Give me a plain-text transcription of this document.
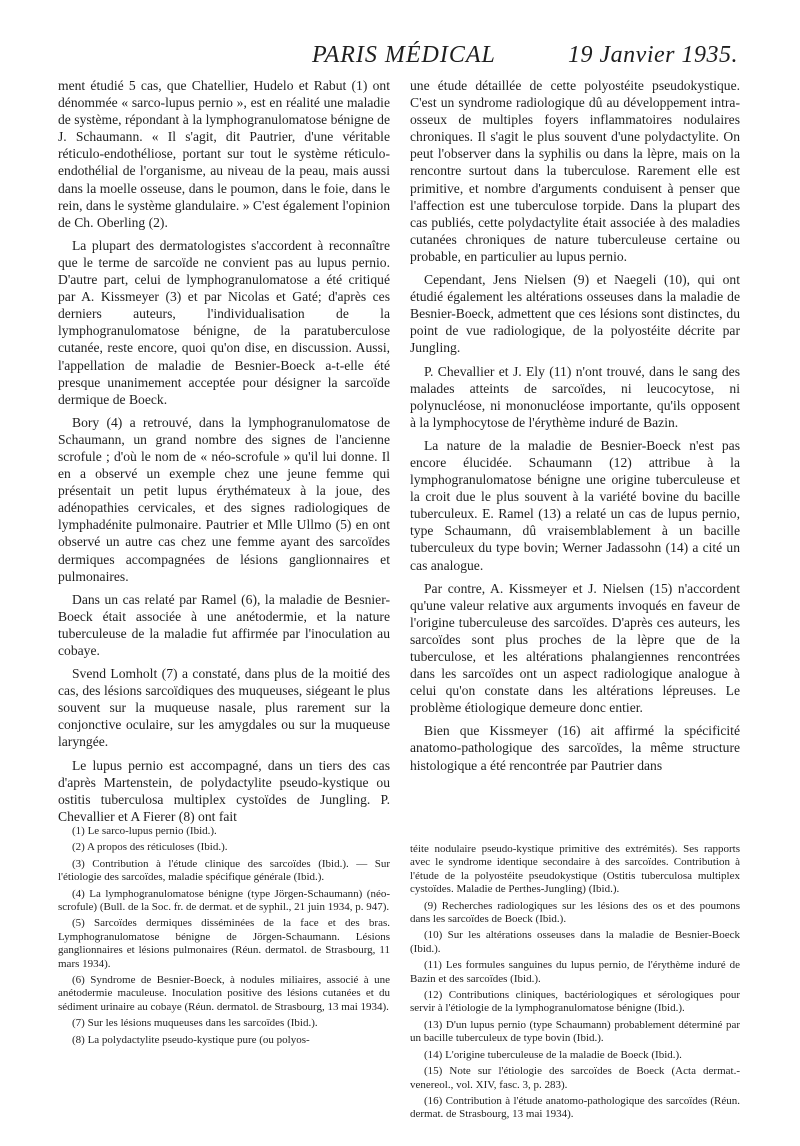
PARIS MÉDICAL	19 Janvier 1935.

ment étudié 5 cas, que Chatellier, Hudelo et Rabut (1) ont dénommée « sarco-lupus pernio », est en réalité une maladie de système, répondant à la lymphogranulomatose bénigne de J. Schaumann. « Il s'agit, dit Pautrier, d'une véritable réticulo-endothéliose, portant sur tout le système réticulo-endothélial de l'organisme, au niveau de la peau, mais aussi dans la moelle osseuse, dans le poumon, dans le foie, dans le rein, dans le système glandulaire. » C'est également l'opinion de Ch. Oberling (2).

La plupart des dermatologistes s'accordent à reconnaître que le terme de sarcoïde ne convient pas au lupus pernio. D'autre part, celui de lymphogranulomatose a été critiqué par A. Kissmeyer (3) et par Nicolas et Gaté; d'après ces derniers auteurs, l'individualisation de la lymphogranulomatose bénigne, de la paratuberculose cutanée, reste encore, quoi qu'on dise, en discussion. Aussi, l'appellation de maladie de Besnier-Boeck a-t-elle été presque unanimement acceptée pour désigner la sarcoïde dermique de Boeck.

Bory (4) a retrouvé, dans la lymphogranulomatose de Schaumann, un grand nombre des signes de l'ancienne scrofule ; d'où le nom de « néo-scrofule » qu'il lui donne. Il en a observé un exemple chez une jeune femme qui présentait un petit lupus érythémateux à la joue, des adénopathies cervicales, et des signes radiologiques de lymphadénite pulmonaire. Pautrier et Mlle Ullmo (5) en ont observé un autre cas chez une femme ayant des sarcoïdes dermiques accompagnées de lésions ganglionnaires et pulmonaires.

Dans un cas relaté par Ramel (6), la maladie de Besnier-Boeck était associée à une anétodermie, et la nature tuberculeuse de la maladie fut affirmée par l'inoculation au cobaye.

Svend Lomholt (7) a constaté, dans plus de la moitié des cas, des lésions sarcoïdiques des muqueuses, siégeant le plus souvent sur la muqueuse nasale, plus rarement sur la conjonctive oculaire, sur les amygdales ou sur la muqueuse laryngée.

Le lupus pernio est accompagné, dans un tiers des cas d'après Martenstein, de polydactylite pseudo-kystique ou ostitis tuberculosa multiplex cystoïdes de Jungling. P. Chevallier et A Fierer (8) ont fait

une étude détaillée de cette polyostéite pseudokystique. C'est un syndrome radiologique dû au développement intra-osseux de multiples foyers inflammatoires nodulaires chroniques. Il s'agit le plus souvent d'une polydactylite. On peut l'observer dans la syphilis ou dans la lèpre, mais on la rencontre surtout dans la tuberculose. Rarement elle est primitive, et nombre d'arguments conduisent à penser que l'affection est une tuberculose torpide. Dans la plupart des cas publiés, cette polydactylite était associée à des maladies cutanées chroniques de nature tuberculeuse certaine ou probable, en particulier au lupus pernio.

Cependant, Jens Nielsen (9) et Naegeli (10), qui ont étudié également les altérations osseuses dans la maladie de Besnier-Boeck, admettent que ces lésions sont distinctes, du point de vue radiologique, de la polyostéite décrite par Jungling.

P. Chevallier et J. Ely (11) n'ont trouvé, dans le sang des malades atteints de sarcoïdes, ni leucocytose, ni polynucléose, ni mononucléose importante, qu'ils opposent à la lymphocytose de l'érythème induré de Bazin.

La nature de la maladie de Besnier-Boeck n'est pas encore élucidée. Schaumann (12) attribue à la lymphogranulomatose bénigne une origine tuberculeuse et la croit due le plus souvent à la variété bovine du bacille tuberculeux. E. Ramel (13) a relaté un cas de lupus pernio, type Schaumann, dû vraisemblablement à un bacille tuberculeux du type bovin; Werner Jadassohn (14) a cité un cas analogue.

Par contre, A. Kissmeyer et J. Nielsen (15) n'accordent qu'une valeur relative aux arguments invoqués en faveur de l'origine tuberculeuse des sarcoïdes. D'après ces auteurs, les sarcoïdes sont plus proches de la lèpre que de la tuberculose, et les altérations phalangiennes rencontrées dans les sarcoïdes ont un aspect radiologique analogue à celui qu'on constate dans les altérations lépreuses. Le problème étiologique demeure donc entier.

Bien que Kissmeyer (16) ait affirmé la spécificité anatomo-pathologique des sarcoïdes, la même structure histologique a été rencontrée par Pautrier dans

(1) Le sarco-lupus pernio (Ibid.).

(2) A propos des réticuloses (Ibid.).

(3) Contribution à l'étude clinique des sarcoïdes (Ibid.). — Sur l'étiologie des sarcoïdes, maladie spécifique générale (Ibid.).

(4) La lymphogranulomatose bénigne (type Jörgen-Schaumann) (néo-scrofule) (Bull. de la Soc. fr. de dermat. et de syphil., 21 juin 1934, p. 947).

(5) Sarcoïdes dermiques disséminées de la face et des bras. Lymphogranulomatose bénigne de Jörgen-Schaumann. Lésions ganglionnaires et lésions pulmonaires (Réun. dermatol. de Strasbourg, 11 mars 1934).

(6) Syndrome de Besnier-Boeck, à nodules miliaires, associé à une anétodermie maculeuse. Inoculation positive des lésions cutanées et du sédiment urinaire au cobaye (Réun. dermatol. de Strasbourg, 13 mai 1934).

(7) Sur les lésions muqueuses dans les sarcoïdes (Ibid.).

(8) La polydactylite pseudo-kystique pure (ou polyos-

téite nodulaire pseudo-kystique primitive des extrémités). Ses rapports avec le syndrome identique secondaire à des sarcoïdes. Contribution à l'étude de la polyostéite pseudokystique (Ostitis tuberculosa multiplex cystoïdes. Maladie de Perthes-Jungling) (Ibid.).

(9) Recherches radiologiques sur les lésions des os et des poumons dans les sarcoïdes de Boeck (Ibid.).

(10) Sur les altérations osseuses dans la maladie de Besnier-Boeck (Ibid.).

(11) Les formules sanguines du lupus pernio, de l'érythème induré de Bazin et des sarcoïdes (Ibid.).

(12) Contributions cliniques, bactériologiques et sérologiques pour servir à l'étiologie de la lymphogranulomatose bénigne (Ibid.).

(13) D'un lupus pernio (type Schaumann) probablement déterminé par un bacille tuberculeux de type bovin (Ibid.).

(14) L'origine tuberculeuse de la maladie de Boeck (Ibid.).

(15) Note sur l'étiologie des sarcoïdes de Boeck (Acta dermat.-venereol., vol. XIV, fasc. 3, p. 283).

(16) Contribution à l'étude anatomo-pathologique des sarcoïdes (Réun. dermat. de Strasbourg, 13 mai 1934).
